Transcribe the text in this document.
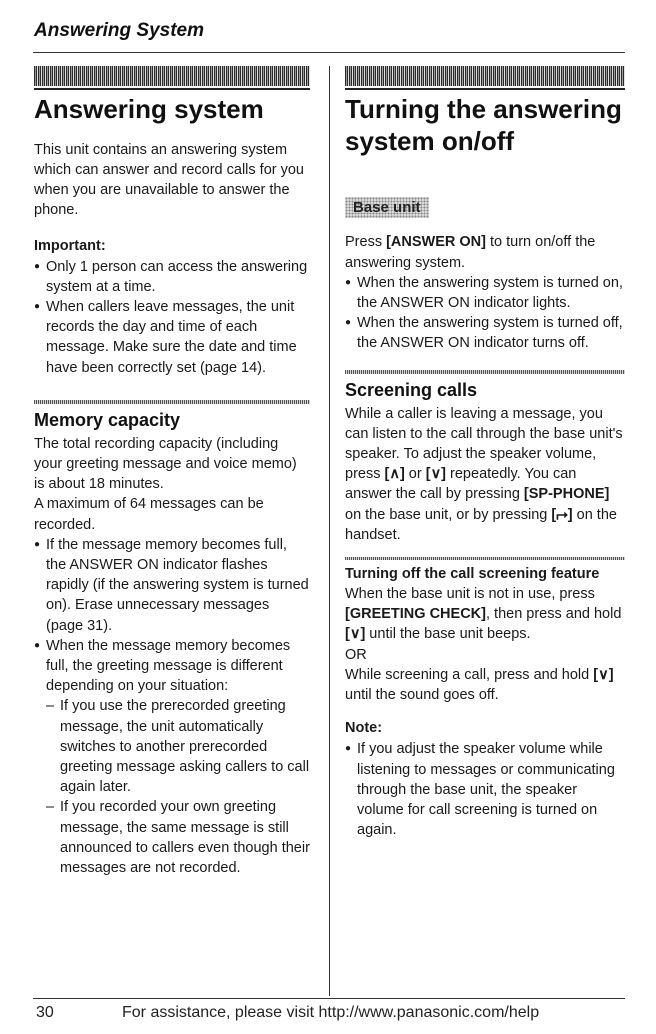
Answering System
Answering system

This unit contains an answering system which can answer and record calls for you when you are unavailable to answer the phone.

Important:

● Only 1 person can access the answering system at a time.
● When callers leave messages, the unit records the day and time of each message. Make sure the date and time have been correctly set (page 14).
Memory capacity

The total recording capacity (including your greeting message and voice memo) is about 18 minutes.

A maximum of 64 messages can be recorded.

● If the message memory becomes full, the ANSWER ON indicator flashes rapidly (if the answering system is turned on). Erase unnecessary messages (page 31).
● When the message memory becomes full, the greeting message is different depending on your situation:
– If you use the prerecorded greeting message, the unit automatically switches to another prerecorded greeting message asking callers to call again later.
– If you recorded your own greeting message, the same message is still announced to callers even though their messages are not recorded.
Turning the answering system on/off
Base unit

Press [ANSWER ON] to turn on/off the answering system.

● When the answering system is turned on, the ANSWER ON indicator lights.
● When the answering system is turned off, the ANSWER ON indicator turns off.
Screening calls

While a caller is leaving a message, you can listen to the call through the base unit's speaker. To adjust the speaker volume, press [∧] or [∨] repeatedly. You can answer the call by pressing [SP-PHONE] on the base unit, or by pressing [⮣] on the handset.

Turning off the call screening feature

When the base unit is not in use, press [GREETING CHECK], then press and hold [∨] until the base unit beeps.

OR

While screening a call, press and hold [∨] until the sound goes off.

Note:

● If you adjust the speaker volume while listening to messages or communicating through the base unit, the speaker volume for call screening is turned on again.
30	For assistance, please visit http://www.panasonic.com/help
